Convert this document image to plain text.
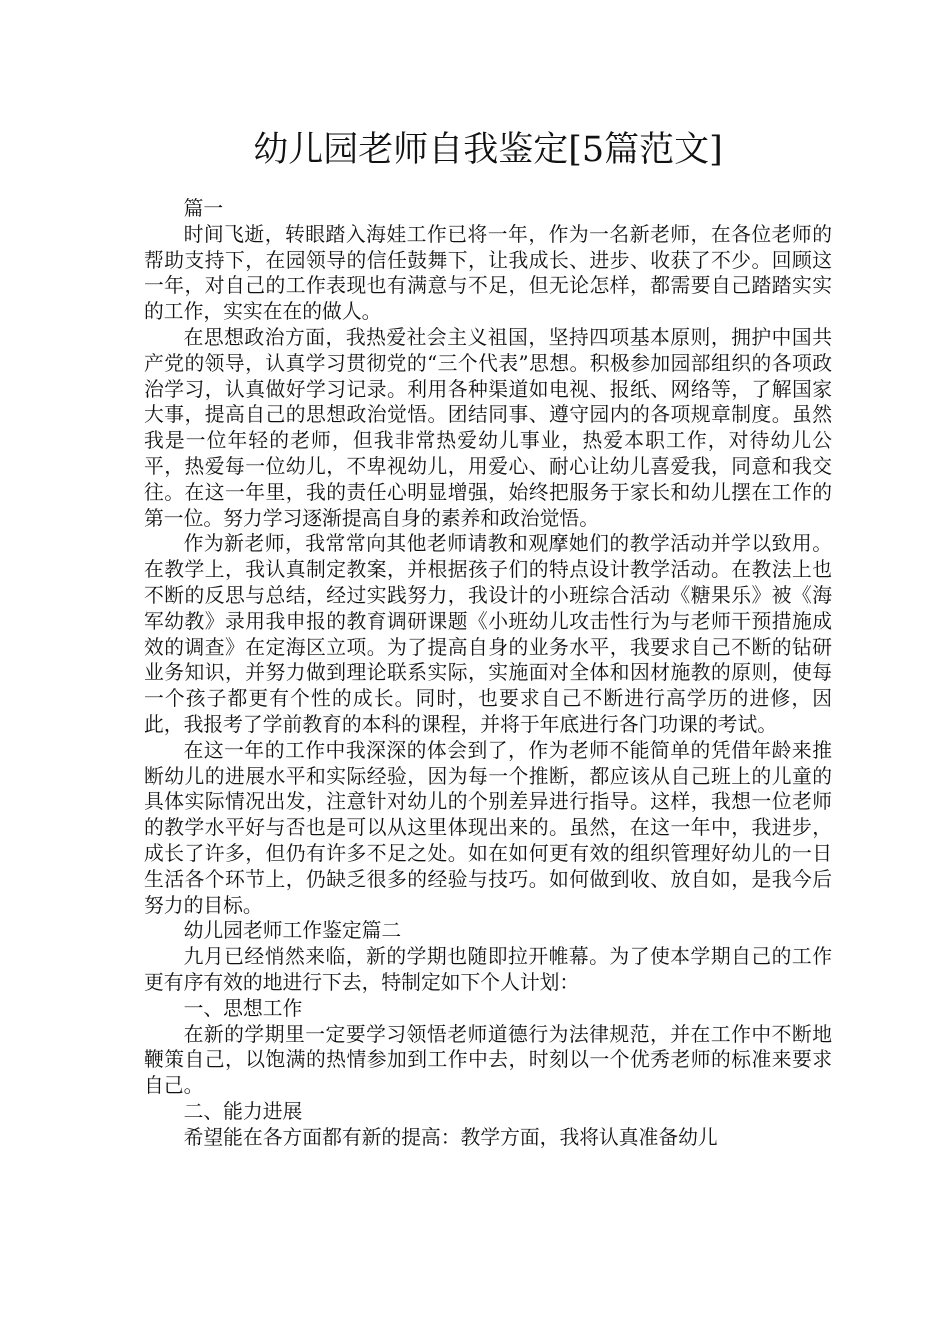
幼儿园老师自我鉴定[5篇范文]

篇一

时间飞逝，转眼踏入海娃工作已将一年，作为一名新老师，在各位老师的帮助支持下，在园领导的信任鼓舞下，让我成长、进步、收获了不少。回顾这一年，对自己的工作表现也有满意与不足，但无论怎样，都需要自己踏踏实实的工作，实实在在的做人。

在思想政治方面，我热爱社会主义祖国，坚持四项基本原则，拥护中国共产党的领导，认真学习贯彻党的“三个代表”思想。积极参加园部组织的各项政治学习，认真做好学习记录。利用各种渠道如电视、报纸、网络等，了解国家大事，提高自己的思想政治觉悟。团结同事、遵守园内的各项规章制度。虽然我是一位年轻的老师，但我非常热爱幼儿事业，热爱本职工作，对待幼儿公平，热爱每一位幼儿，不卑视幼儿，用爱心、耐心让幼儿喜爱我，同意和我交往。在这一年里，我的责任心明显增强，始终把服务于家长和幼儿摆在工作的第一位。努力学习逐渐提高自身的素养和政治觉悟。

作为新老师，我常常向其他老师请教和观摩她们的教学活动并学以致用。在教学上，我认真制定教案，并根据孩子们的特点设计教学活动。在教法上也不断的反思与总结，经过实践努力，我设计的小班综合活动《糖果乐》被《海军幼教》录用我申报的教育调研课题《小班幼儿攻击性行为与老师干预措施成效的调查》在定海区立项。为了提高自身的业务水平，我要求自己不断的钻研业务知识，并努力做到理论联系实际，实施面对全体和因材施教的原则，使每一个孩子都更有个性的成长。同时，也要求自己不断进行高学历的进修，因此，我报考了学前教育的本科的课程，并将于年底进行各门功课的考试。

在这一年的工作中我深深的体会到了，作为老师不能简单的凭借年龄来推断幼儿的进展水平和实际经验，因为每一个推断，都应该从自己班上的儿童的具体实际情况出发，注意针对幼儿的个别差异进行指导。这样，我想一位老师的教学水平好与否也是可以从这里体现出来的。虽然，在这一年中，我进步，成长了许多，但仍有许多不足之处。如在如何更有效的组织管理好幼儿的一日生活各个环节上，仍缺乏很多的经验与技巧。如何做到收、放自如，是我今后努力的目标。

幼儿园老师工作鉴定篇二

九月已经悄然来临，新的学期也随即拉开帷幕。为了使本学期自己的工作更有序有效的地进行下去，特制定如下个人计划：

一、思想工作

在新的学期里一定要学习领悟老师道德行为法律规范，并在工作中不断地鞭策自己，以饱满的热情参加到工作中去，时刻以一个优秀老师的标准来要求自己。

二、能力进展

希望能在各方面都有新的提高：教学方面，我将认真准备幼儿
